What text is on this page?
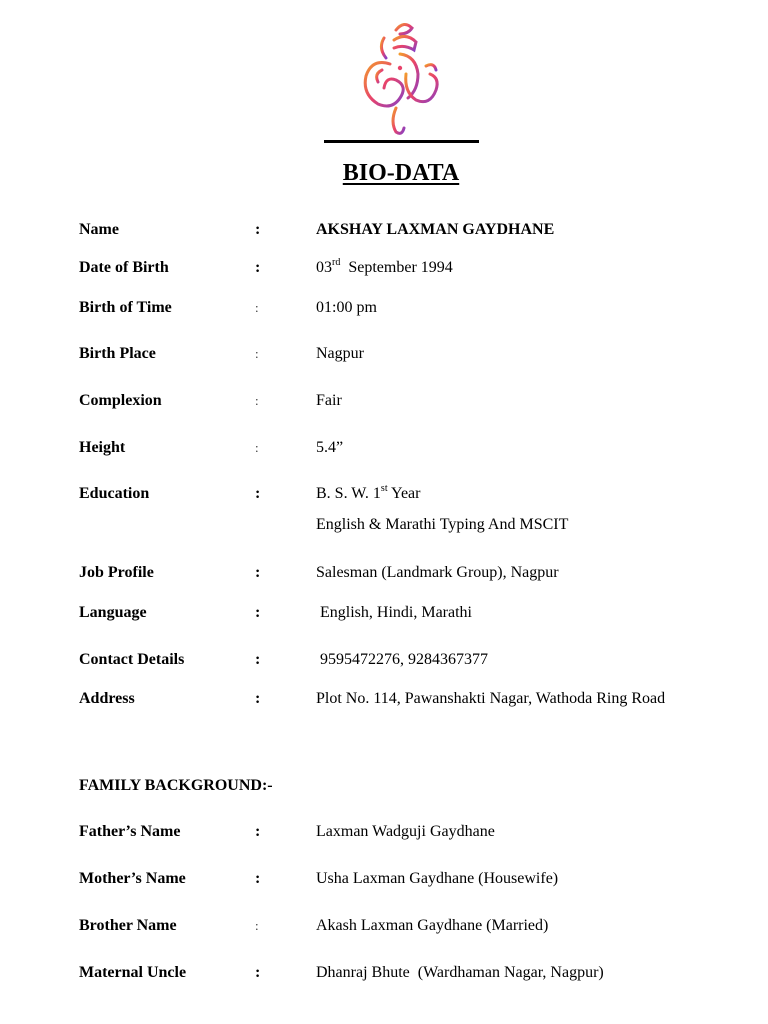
BIO-DATA
Name	:	AKSHAY LAXMAN GAYDHANE
Date of Birth	:	03rd September 1994
Birth of Time	:	01:00 pm
Birth Place	:	Nagpur
Complexion	:	Fair
Height	:	5.4”
Education	:	B. S. W. 1st Year
English & Marathi Typing And MSCIT
Job Profile	:	Salesman (Landmark Group), Nagpur
Language	:	English, Hindi, Marathi
Contact Details	:	9595472276, 9284367377
Address	:	Plot No. 114, Pawanshakti Nagar, Wathoda Ring Road
FAMILY BACKGROUND:-
Father’s Name	:	Laxman Wadguji Gaydhane
Mother’s Name	:	Usha Laxman Gaydhane (Housewife)
Brother Name	:	Akash Laxman Gaydhane (Married)
Maternal Uncle	:	Dhanraj Bhute  (Wardhaman Nagar, Nagpur)
